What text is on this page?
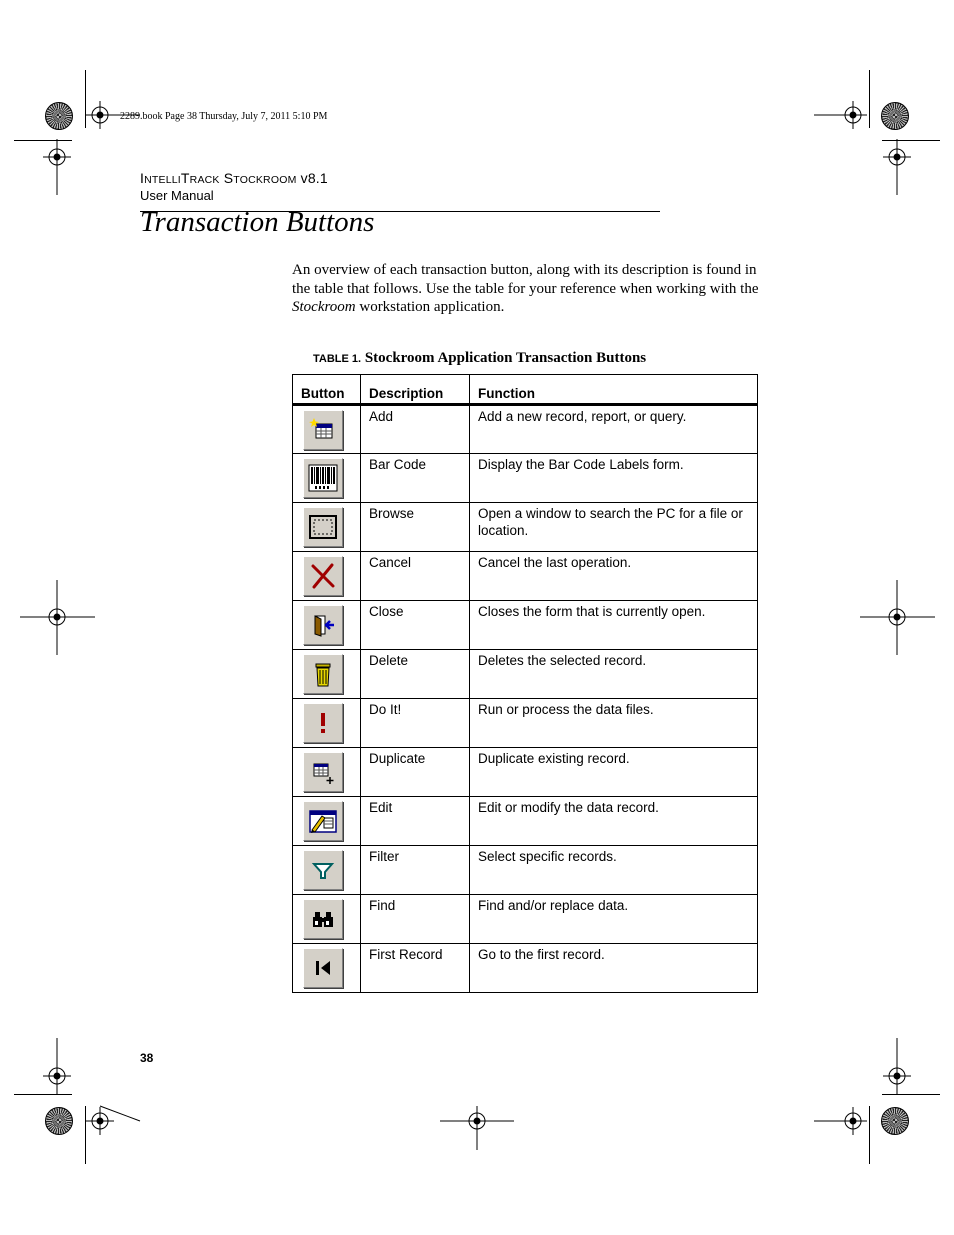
2289.book Page 38 Thursday, July 7, 2011 5:10 PM
INTELLITRACK STOCKROOM v8.1
User Manual
Transaction Buttons

An overview of each transaction button, along with its description is found in the table that follows. Use the table for your reference when working with the Stockroom workstation application.

TABLE 1. Stockroom Application Transaction Buttons
Button	Description	Function

	Add	Add a new record, report, or query.

	Bar Code	Display the Bar Code Labels form.

	Browse	Open a window to search the PC for a file or location.

	Cancel	Cancel the last operation.

	Close	Closes the form that is currently open.

	Delete	Deletes the selected record.

	Do It!	Run or process the data files.

	Duplicate	Duplicate existing record.

	Edit	Edit or modify the data record.

	Filter	Select specific records.

	Find	Find and/or replace data.

	First Record	Go to the first record.
38
